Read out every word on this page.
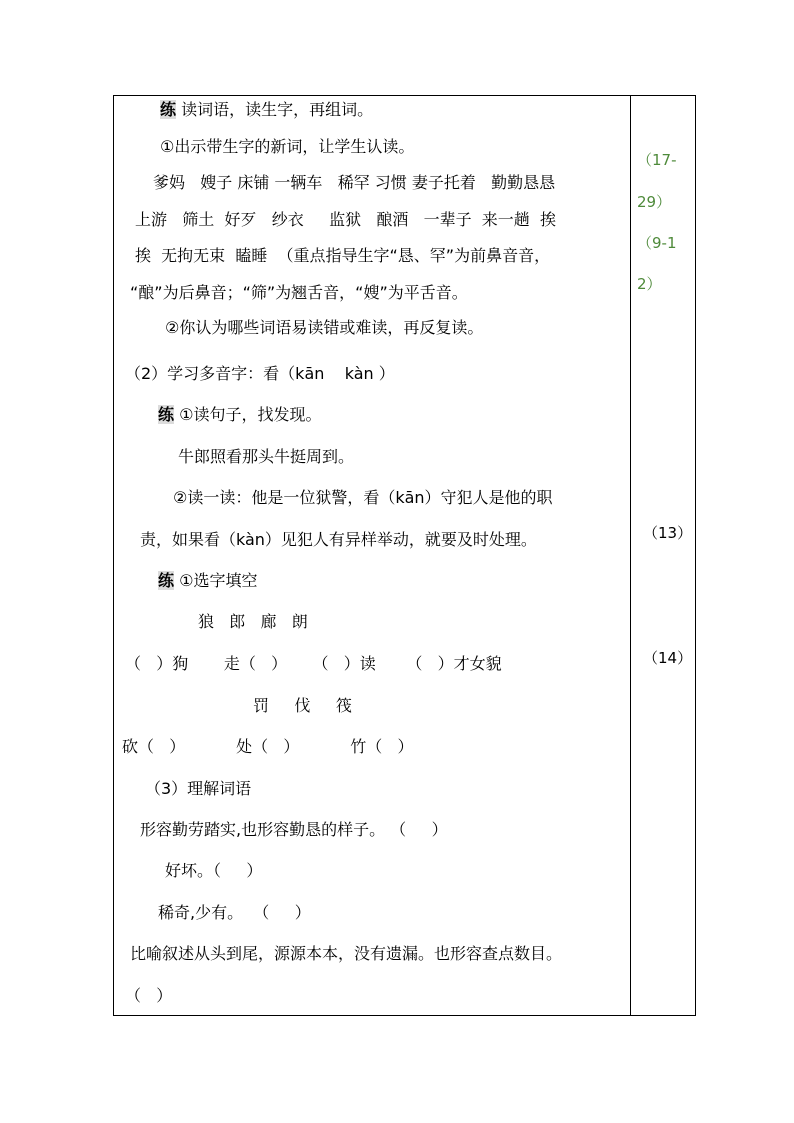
练 读词语，读生字，再组词。
①出示带生字的新词，让学生认读。
爹妈   嫂子 床铺 一辆车   稀罕 习惯 妻子托着   勤勤恳恳
上游   筛土  好歹   纱衣     监狱   酿酒   一辈子  来一趟  挨
挨  无拘无束  瞌睡  （重点指导生字“恳、罕”为前鼻音音，
“酿”为后鼻音；“筛”为翘舌音，“嫂”为平舌音。
②你认为哪些词语易读错或难读，再反复读。
（2）学习多音字：看（kān    kàn ）
练 ①读句子，找发现。
牛郎照看那头牛挺周到。
②读一读：他是一位狱警，看（kān）守犯人是他的职
责，如果看（kàn）见犯人有异样举动，就要及时处理。
练 ①选字填空
狼   郎   廊   朗
（   ）狗       走（   ）     （   ）读      （   ）才女貌
罚     伐     筏
砍（   ）          处（   ）          竹（   ）
（3）理解词语
形容勤劳踏实,也形容勤恳的样子。 （     ）
好坏。（     ）
稀奇,少有。  （     ）
比喻叙述从头到尾，源源本本，没有遗漏。也形容查点数目。
（   ）
（17-
29）
（9-1
2）
（13）
（14）
